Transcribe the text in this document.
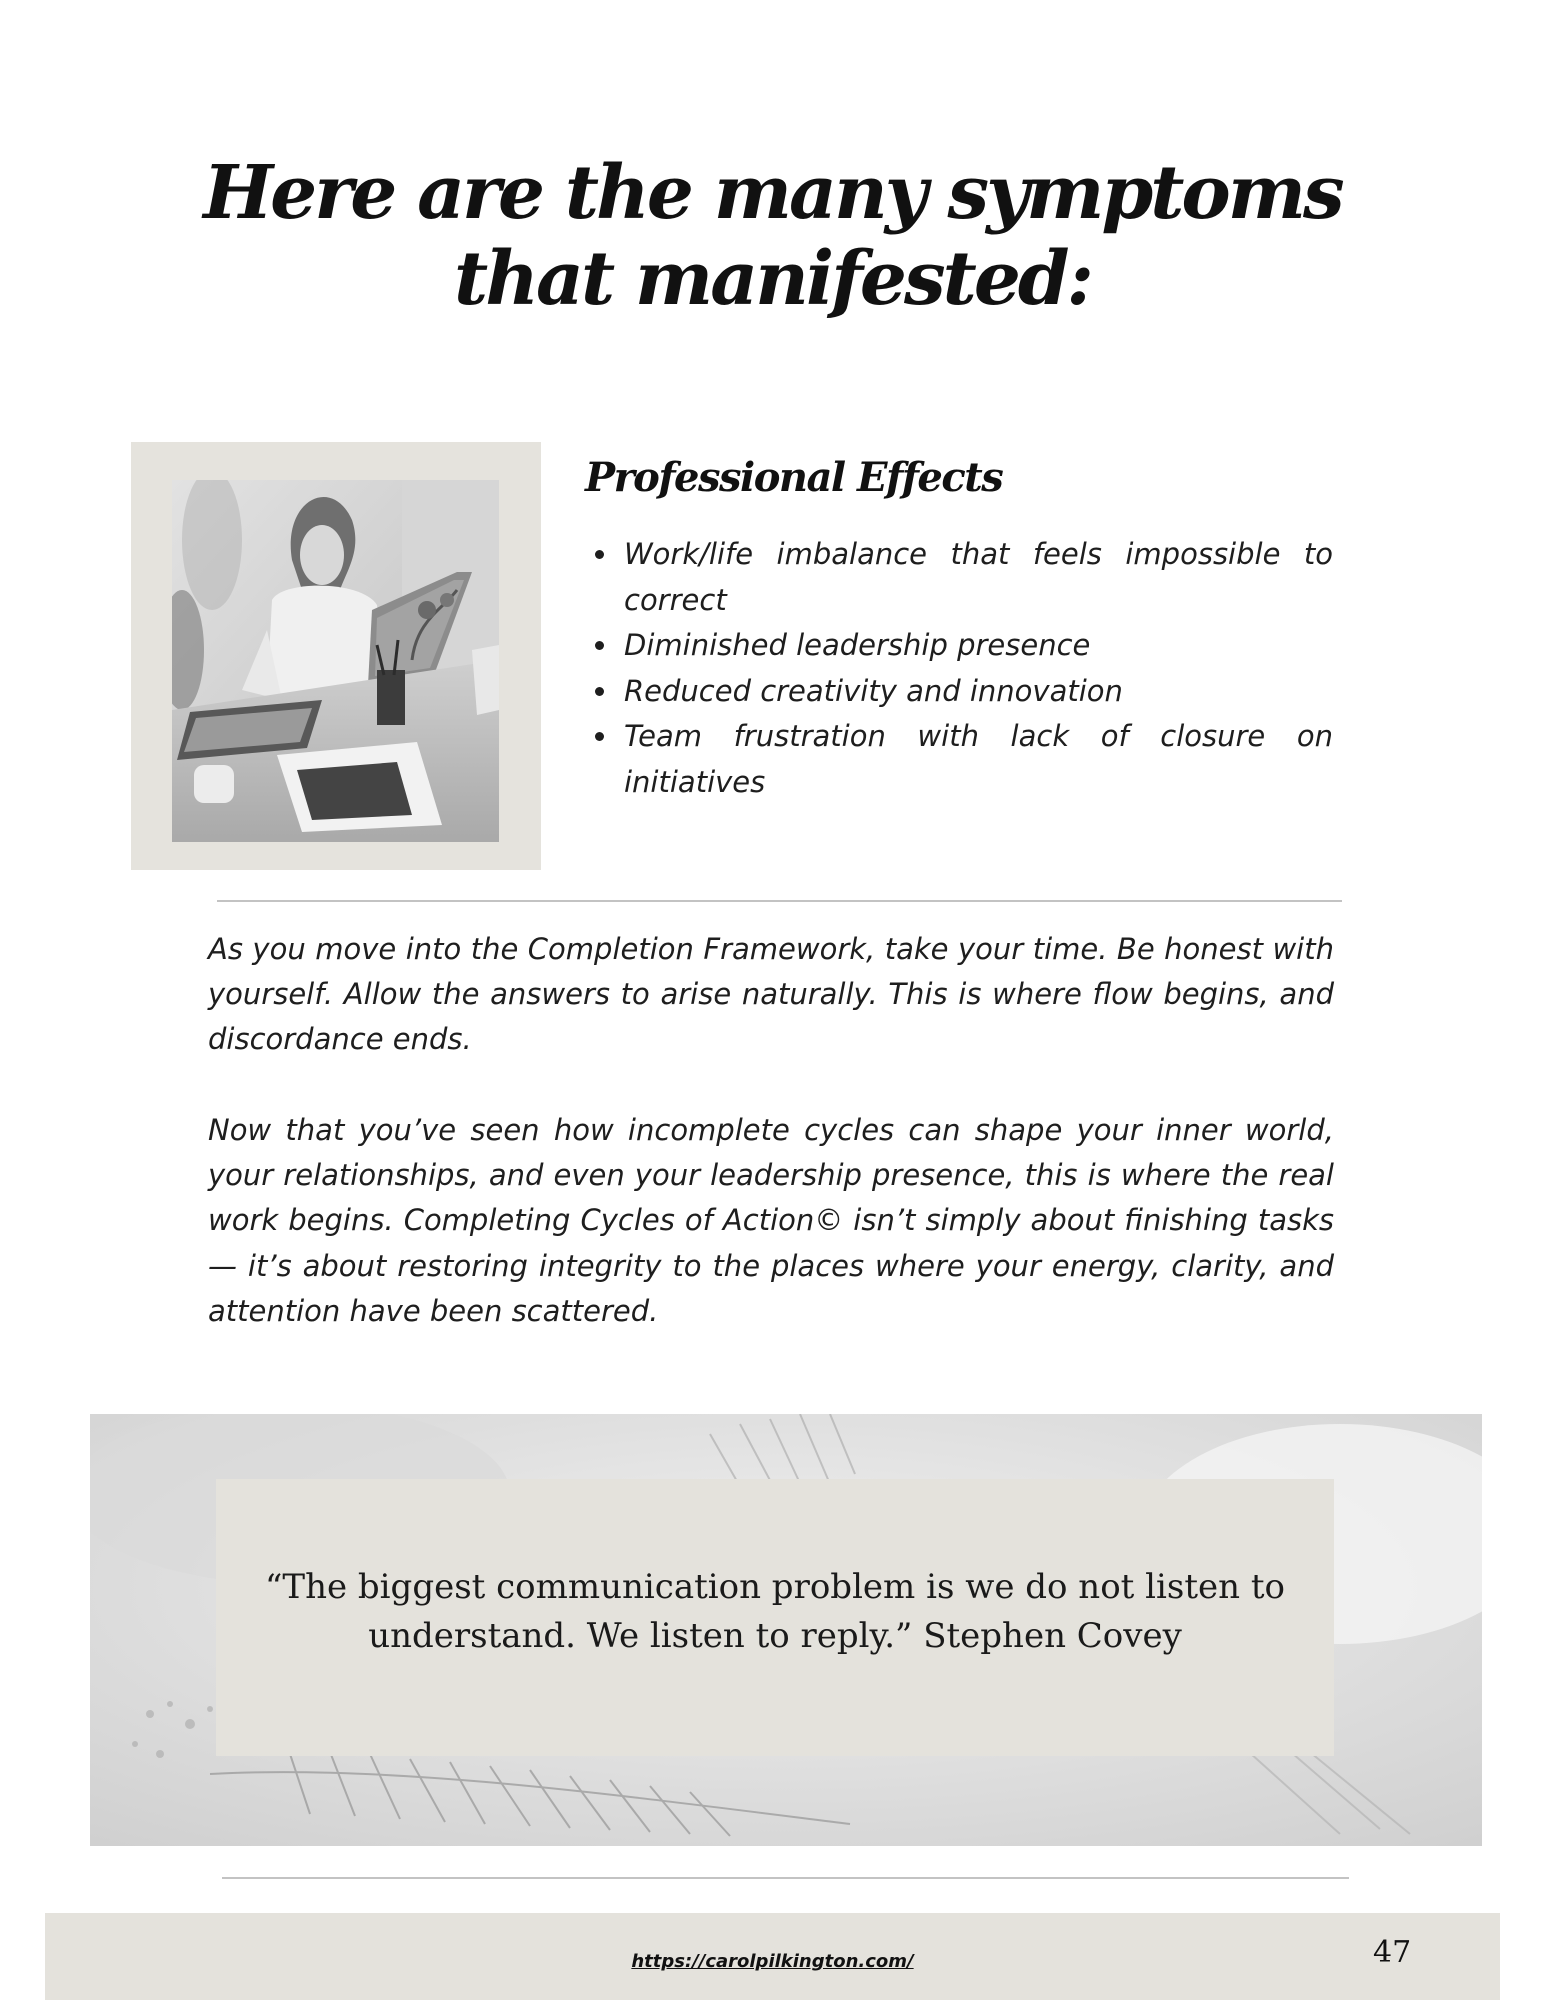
Here are the many symptoms that manifested:
Professional Effects
• Work/life imbalance that feels impossible to correct
• Diminished leadership presence
• Reduced creativity and innovation
• Team frustration with lack of closure on initiatives

As you move into the Completion Framework, take your time. Be honest with yourself. Allow the answers to arise naturally. This is where flow begins, and discordance ends.

Now that you’ve seen how incomplete cycles can shape your inner world, your relationships, and even your leadership presence, this is where the real work begins. Completing Cycles of Action© isn’t simply about finishing tasks — it’s about restoring integrity to the places where your energy, clarity, and attention have been scattered.

“The biggest communication problem is we do not listen to understand. We listen to reply.” Stephen Covey

https://carolpilkington.com/	47
